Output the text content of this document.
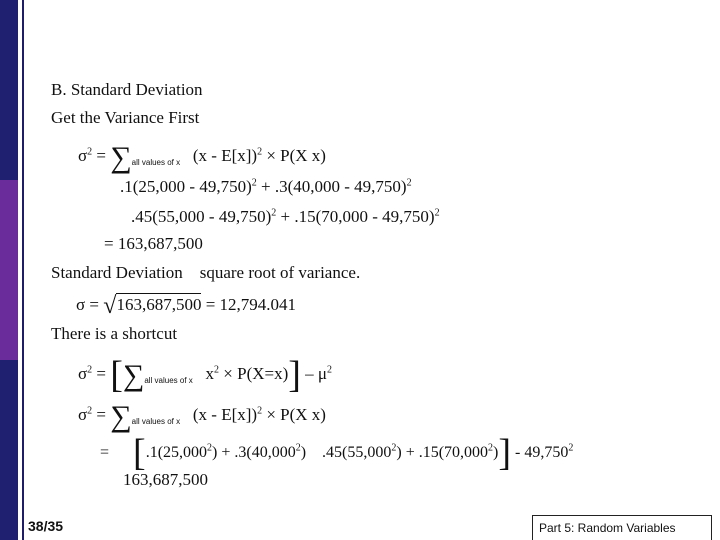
B. Standard Deviation
Get the Variance First
$\sigma^2 = \sum_{all values of x}$ (x - E[x])$^2$ × P(X x)
.1(25,000 - 49,750)$^2$ + .3(40,000 - 49,750)$^2$
.45(55,000 - 49,750)$^2$ + .15(70,000 - 49,750)$^2$
= 163,687,500
Standard Deviation square root of variance.
σ = √163,687,500 = 12,794.041
There is a shortcut
$\sigma^2 = [\sum_{all values of x}$ $x^2 \times P(X=x)] - \mu^2$
$\sigma^2 = \sum_{all values of x}$ (x - E[x])$^2$ × P(X x)
= $[.1(25,000^2) + .3(40,000^2) .45(55,000^2) + .15(70,000^2)] - 49,750^2$
163,687,500
38/35	Part 5: Random Variables
